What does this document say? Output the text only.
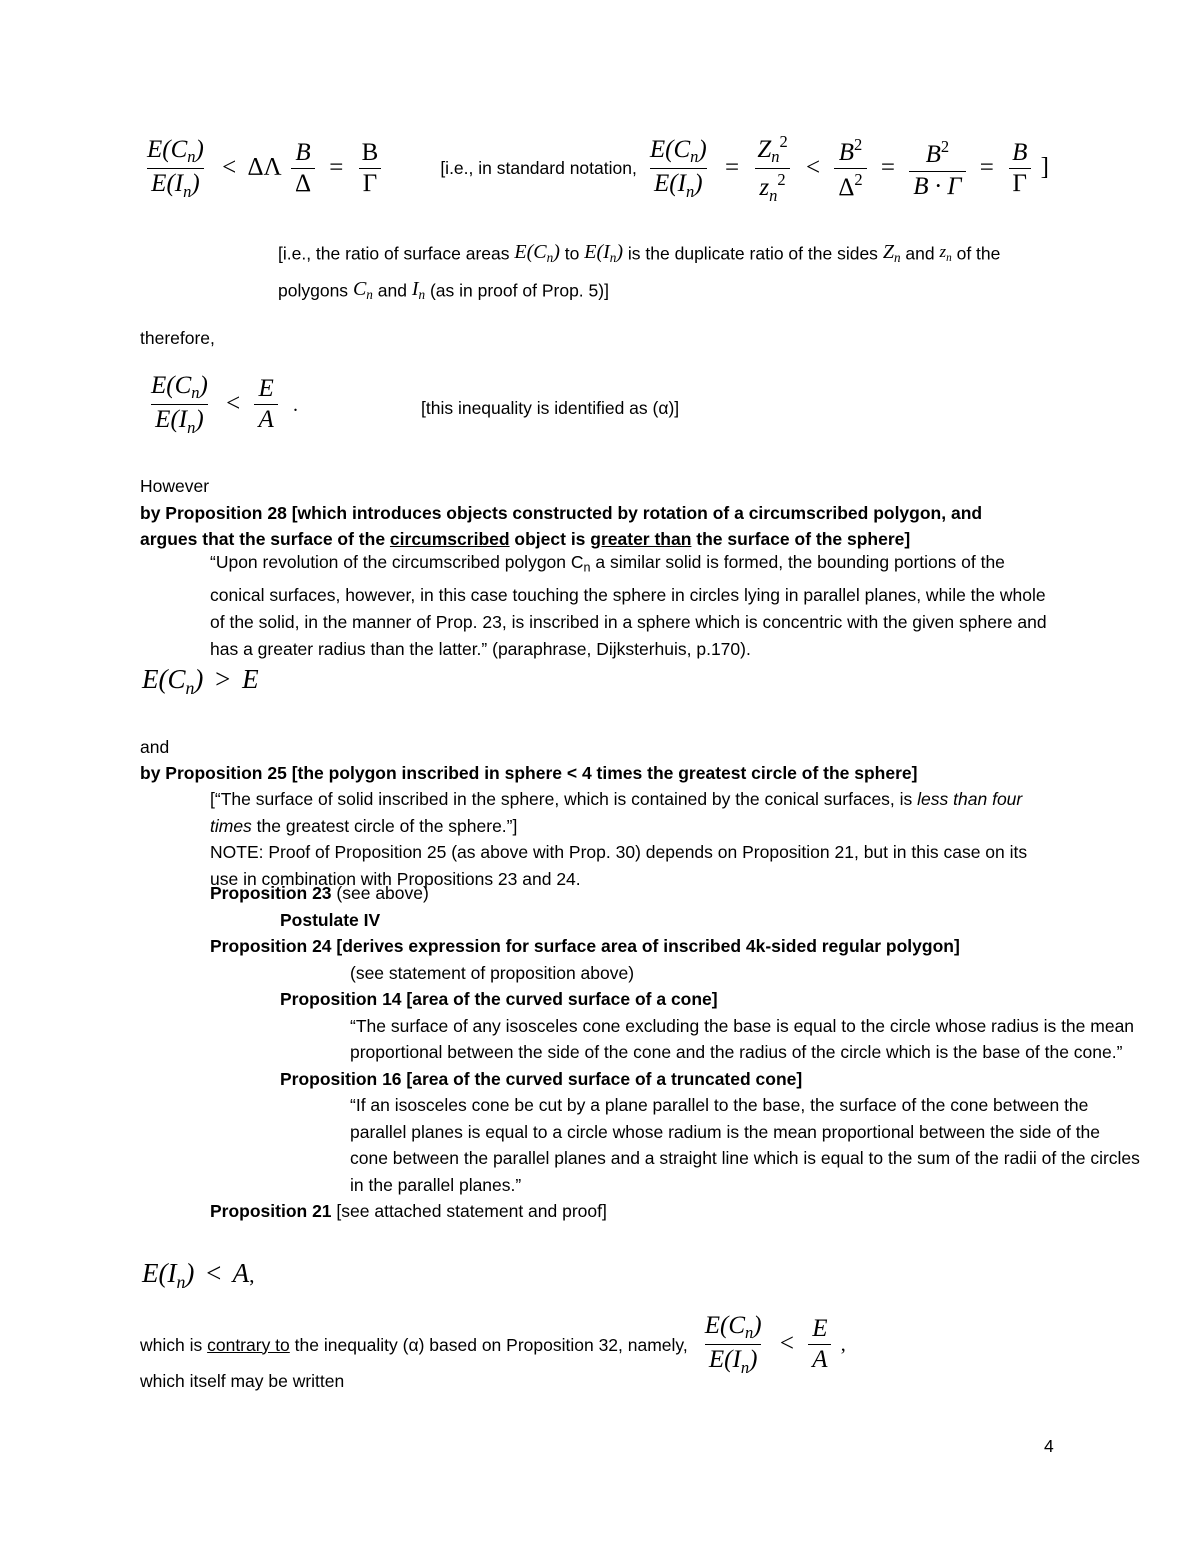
$\frac{E(Cn)}{E(In)} < \Delta\Lambda \frac{B}{\Delta} = \frac{B}{\Gamma}$	[i.e., in standard notation, $\frac{E(Cn)}{E(In)} = \frac{Zn2}{zn2} < \frac{B2}{\Delta 2} = \frac{B2}{B \cdot \Gamma} = \frac{B}{\Gamma}$ ]
[i.e., the ratio of surface areas E(Cn) to E(In) is the duplicate ratio of the sides Zn and zn of the polygons Cn and In (as in proof of Prop. 5)]
therefore,
$\frac{E(Cn)}{E(In)} < \frac{E}{A}$ .	[this inequality is identified as (α)]
However
by Proposition 28 [which introduces objects constructed by rotation of a circumscribed polygon, and
argues that the surface of the circumscribed object is greater than the surface of the sphere]
“Upon revolution of the circumscribed polygon $C_n$ a similar solid is formed, the bounding portions of the conical surfaces, however, in this case touching the sphere in circles lying in parallel planes, while the whole of the solid, in the manner of Prop. 23, is inscribed in a sphere which is concentric with the given sphere and has a greater radius than the latter.” (paraphrase, Dijksterhuis, p.170).
E(Cn) > E
and
by Proposition 25 [the polygon inscribed in sphere < 4 times the greatest circle of the sphere]
[“The surface of solid inscribed in the sphere, which is contained by the conical surfaces, is less than four times the greatest circle of the sphere.”]
NOTE: Proof of Proposition 25 (as above with Prop. 30) depends on Proposition 21, but in this case on its use in combination with Propositions 23 and 24.
Proposition 23 (see above)
Postulate IV
Proposition 24 [derives expression for surface area of inscribed 4k-sided regular polygon]
(see statement of proposition above)
Proposition 14 [area of the curved surface of a cone]
“The surface of any isosceles cone excluding the base is equal to the circle whose radius is the mean proportional between the side of the cone and the radius of the circle which is the base of the cone.”
Proposition 16 [area of the curved surface of a truncated cone]
“If an isosceles cone be cut by a plane parallel to the base, the surface of the cone between the parallel planes is equal to a circle whose radium is the mean proportional between the side of the cone between the parallel planes and a straight line which is equal to the sum of the radii of the circles in the parallel planes.”
Proposition 21 [see attached statement and proof]
E(In) < A,
which is contrary to the inequality (α) based on Proposition 32, namely, $\frac{E(Cn)}{E(In)} < \frac{E}{A}$ ,
which itself may be written
4
